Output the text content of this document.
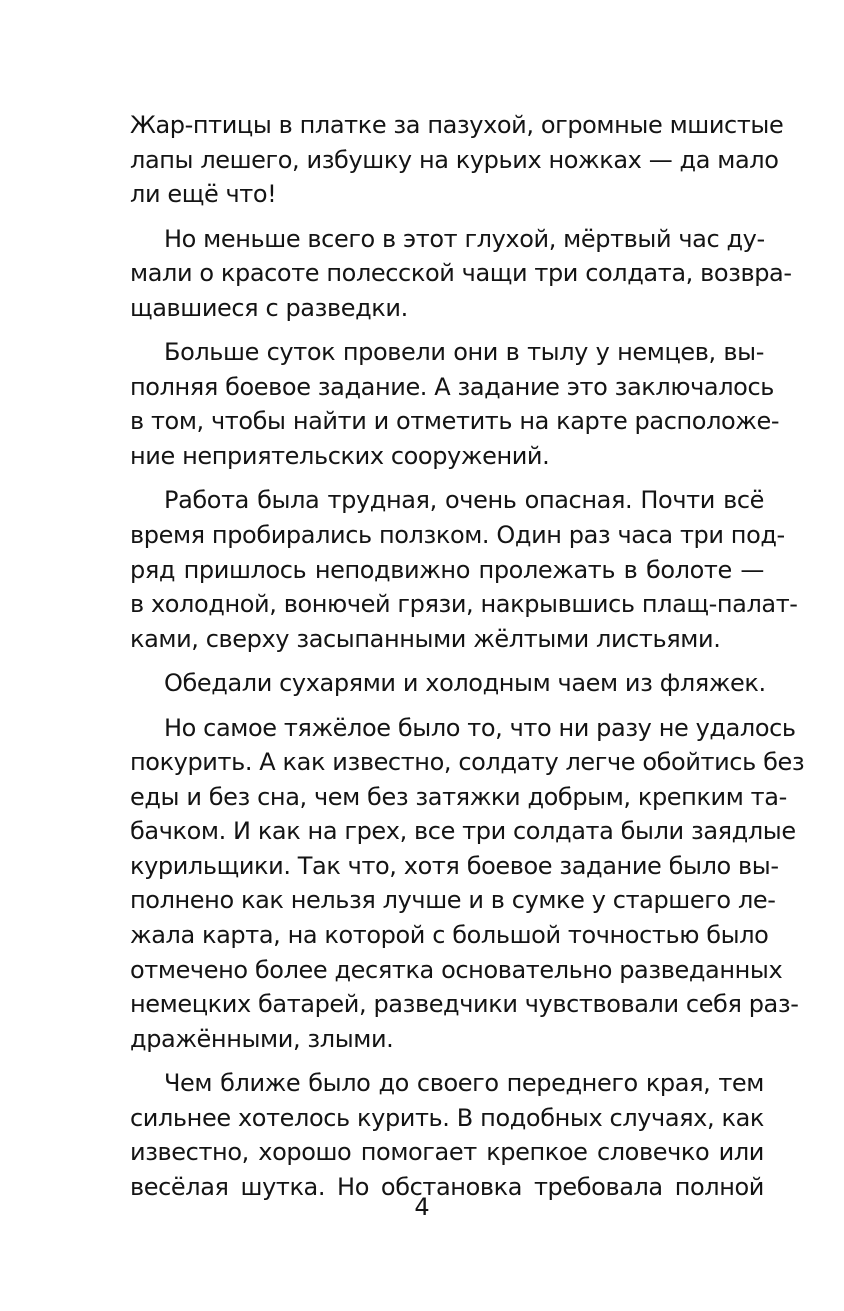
Жар-птицы в платке за пазухой, огромные мшистые
лапы лешего, избушку на курьих ножках — да мало
ли ещё что!
Но меньше всего в этот глухой, мёртвый час ду-
мали о красоте полесской чащи три солдата, возвра-
щавшиеся с разведки.
Больше суток провели они в тылу у немцев, вы-
полняя боевое задание. А задание это заключалось
в том, чтобы найти и отметить на карте расположе-
ние неприятельских сооружений.
Работа была трудная, очень опасная. Почти всё
время пробирались ползком. Один раз часа три под-
ряд пришлось неподвижно пролежать в болоте —
в холодной, вонючей грязи, накрывшись плащ-палат-
ками, сверху засыпанными жёлтыми листьями.
Обедали сухарями и холодным чаем из фляжек.
Но самое тяжёлое было то, что ни разу не удалось
покурить. А как известно, солдату легче обойтись без
еды и без сна, чем без затяжки добрым, крепким та-
бачком. И как на грех, все три солдата были заядлые
курильщики. Так что, хотя боевое задание было вы-
полнено как нельзя лучше и в сумке у старшего ле-
жала карта, на которой с большой точностью было
отмечено более десятка основательно разведанных
немецких батарей, разведчики чувствовали себя раз-
дражёнными, злыми.
Чем ближе было до своего переднего края, тем
сильнее хотелось курить. В подобных случаях, как
известно, хорошо помогает крепкое словечко или
весёлая шутка. Но обстановка требовала полной
4
